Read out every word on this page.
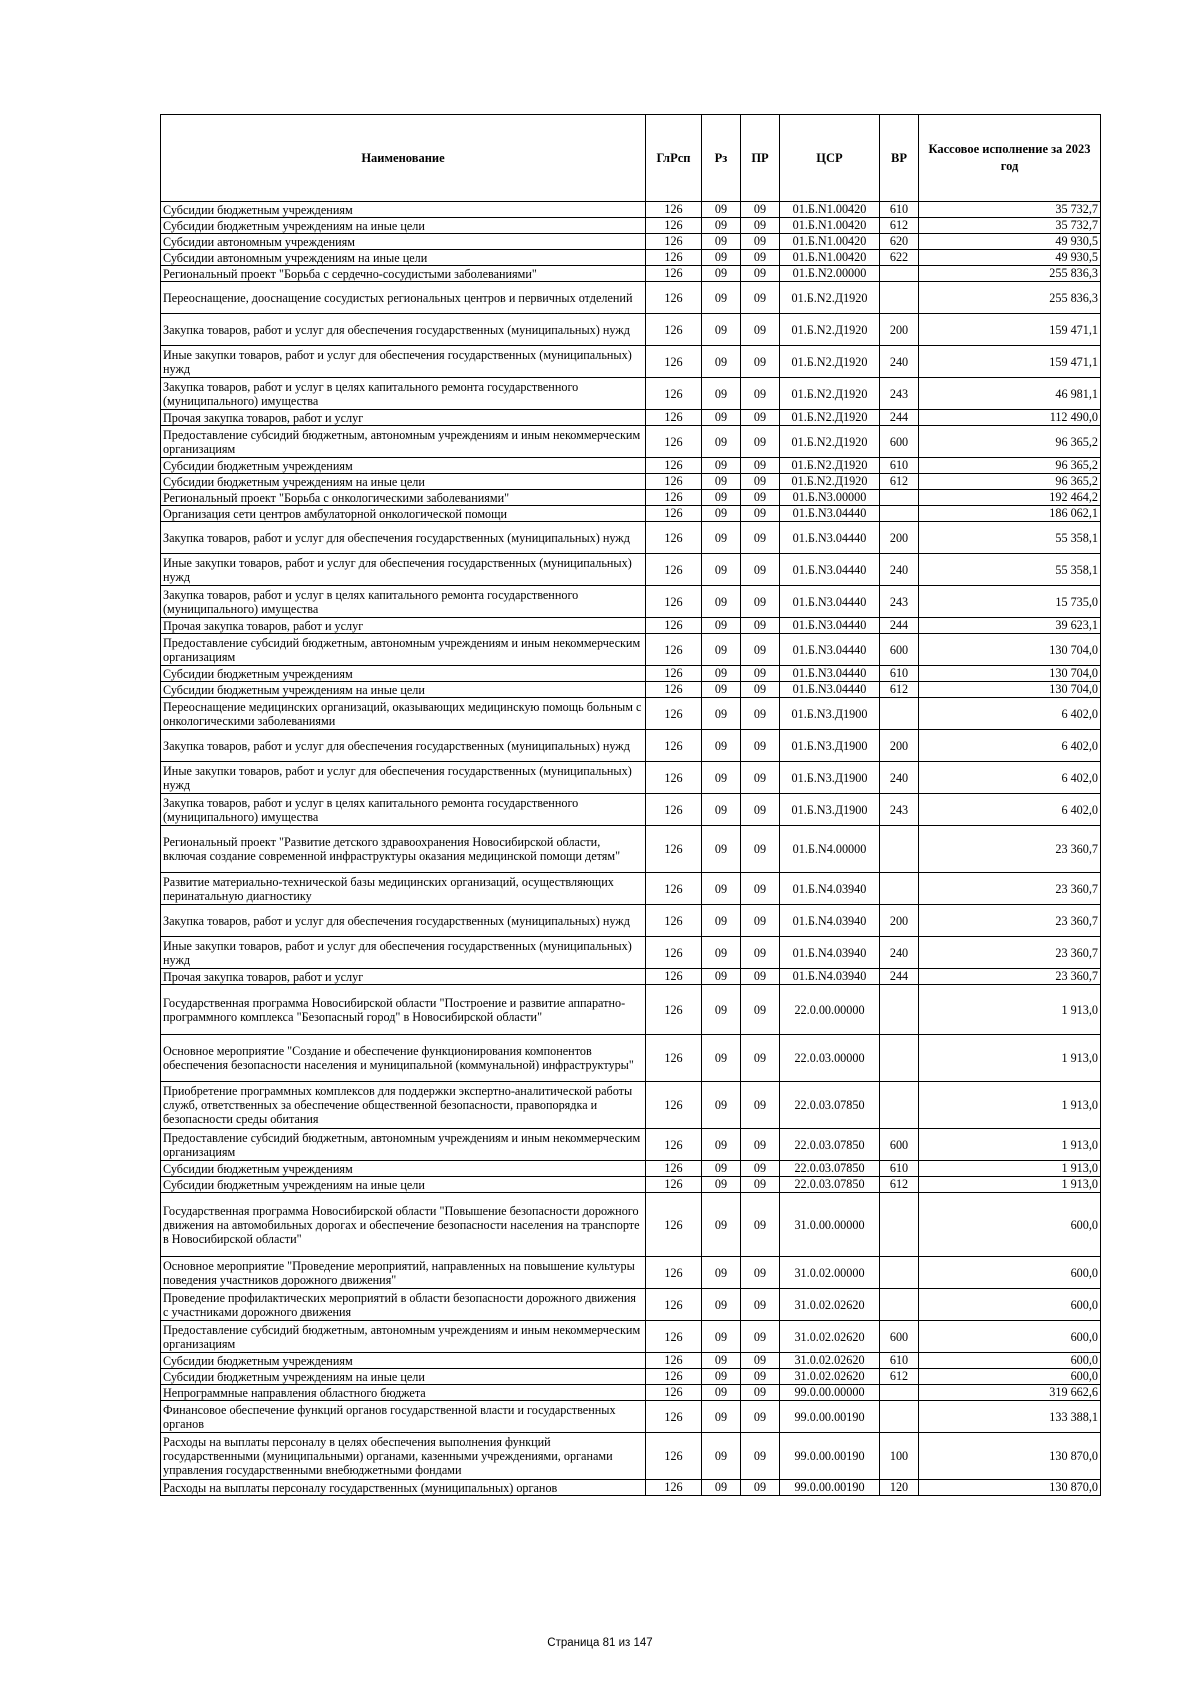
Наименование	ГлРсп	Рз	ПР	ЦСР	ВР	Кассовое исполнение за 2023 год
Субсидии бюджетным учреждениям	126	09	09	01.Б.N1.00420	610	35 732,7
Субсидии бюджетным учреждениям на иные цели	126	09	09	01.Б.N1.00420	612	35 732,7
Субсидии автономным учреждениям	126	09	09	01.Б.N1.00420	620	49 930,5
Субсидии автономным учреждениям на иные цели	126	09	09	01.Б.N1.00420	622	49 930,5
Региональный проект "Борьба с сердечно-сосудистыми заболеваниями"	126	09	09	01.Б.N2.00000		255 836,3
Переоснащение, дооснащение сосудистых региональных центров и первичных отделений	126	09	09	01.Б.N2.Д1920		255 836,3
Закупка товаров, работ и услуг для обеспечения государственных (муниципальных) нужд	126	09	09	01.Б.N2.Д1920	200	159 471,1
Иные закупки товаров, работ и услуг для обеспечения государственных (муниципальных) нужд	126	09	09	01.Б.N2.Д1920	240	159 471,1
Закупка товаров, работ и услуг в целях капитального ремонта государственного (муниципального) имущества	126	09	09	01.Б.N2.Д1920	243	46 981,1
Прочая закупка товаров, работ и услуг	126	09	09	01.Б.N2.Д1920	244	112 490,0
Предоставление субсидий бюджетным, автономным учреждениям и иным некоммерческим организациям	126	09	09	01.Б.N2.Д1920	600	96 365,2
Субсидии бюджетным учреждениям	126	09	09	01.Б.N2.Д1920	610	96 365,2
Субсидии бюджетным учреждениям на иные цели	126	09	09	01.Б.N2.Д1920	612	96 365,2
Региональный проект "Борьба с онкологическими заболеваниями"	126	09	09	01.Б.N3.00000		192 464,2
Организация сети центров амбулаторной онкологической помощи	126	09	09	01.Б.N3.04440		186 062,1
Закупка товаров, работ и услуг для обеспечения государственных (муниципальных) нужд	126	09	09	01.Б.N3.04440	200	55 358,1
Иные закупки товаров, работ и услуг для обеспечения государственных (муниципальных) нужд	126	09	09	01.Б.N3.04440	240	55 358,1
Закупка товаров, работ и услуг в целях капитального ремонта государственного (муниципального) имущества	126	09	09	01.Б.N3.04440	243	15 735,0
Прочая закупка товаров, работ и услуг	126	09	09	01.Б.N3.04440	244	39 623,1
Предоставление субсидий бюджетным, автономным учреждениям и иным некоммерческим организациям	126	09	09	01.Б.N3.04440	600	130 704,0
Субсидии бюджетным учреждениям	126	09	09	01.Б.N3.04440	610	130 704,0
Субсидии бюджетным учреждениям на иные цели	126	09	09	01.Б.N3.04440	612	130 704,0
Переоснащение медицинских организаций, оказывающих медицинскую помощь больным с онкологическими заболеваниями	126	09	09	01.Б.N3.Д1900		6 402,0
Закупка товаров, работ и услуг для обеспечения государственных (муниципальных) нужд	126	09	09	01.Б.N3.Д1900	200	6 402,0
Иные закупки товаров, работ и услуг для обеспечения государственных (муниципальных) нужд	126	09	09	01.Б.N3.Д1900	240	6 402,0
Закупка товаров, работ и услуг в целях капитального ремонта государственного (муниципального) имущества	126	09	09	01.Б.N3.Д1900	243	6 402,0
Региональный проект "Развитие детского здравоохранения Новосибирской области, включая создание современной инфраструктуры оказания медицинской помощи детям"	126	09	09	01.Б.N4.00000		23 360,7
Развитие материально-технической базы медицинских организаций, осуществляющих перинатальную диагностику	126	09	09	01.Б.N4.03940		23 360,7
Закупка товаров, работ и услуг для обеспечения государственных (муниципальных) нужд	126	09	09	01.Б.N4.03940	200	23 360,7
Иные закупки товаров, работ и услуг для обеспечения государственных (муниципальных) нужд	126	09	09	01.Б.N4.03940	240	23 360,7
Прочая закупка товаров, работ и услуг	126	09	09	01.Б.N4.03940	244	23 360,7
Государственная программа Новосибирской области "Построение и развитие аппаратно-программного комплекса "Безопасный город" в Новосибирской области"	126	09	09	22.0.00.00000		1 913,0
Основное мероприятие "Создание и обеспечение функционирования компонентов обеспечения безопасности населения и муниципальной (коммунальной) инфраструктуры"	126	09	09	22.0.03.00000		1 913,0
Приобретение программных комплексов для поддержки экспертно-аналитической работы служб, ответственных за обеспечение общественной безопасности, правопорядка и безопасности среды обитания	126	09	09	22.0.03.07850		1 913,0
Предоставление субсидий бюджетным, автономным учреждениям и иным некоммерческим организациям	126	09	09	22.0.03.07850	600	1 913,0
Субсидии бюджетным учреждениям	126	09	09	22.0.03.07850	610	1 913,0
Субсидии бюджетным учреждениям на иные цели	126	09	09	22.0.03.07850	612	1 913,0
Государственная программа Новосибирской области "Повышение безопасности дорожного движения на автомобильных дорогах и обеспечение безопасности населения на транспорте в Новосибирской области"	126	09	09	31.0.00.00000		600,0
Основное мероприятие "Проведение мероприятий, направленных на повышение культуры поведения участников дорожного движения"	126	09	09	31.0.02.00000		600,0
Проведение профилактических мероприятий в области безопасности дорожного движения с участниками дорожного движения	126	09	09	31.0.02.02620		600,0
Предоставление субсидий бюджетным, автономным учреждениям и иным некоммерческим организациям	126	09	09	31.0.02.02620	600	600,0
Субсидии бюджетным учреждениям	126	09	09	31.0.02.02620	610	600,0
Субсидии бюджетным учреждениям на иные цели	126	09	09	31.0.02.02620	612	600,0
Непрограммные направления областного бюджета	126	09	09	99.0.00.00000		319 662,6
Финансовое обеспечение функций органов государственной власти и государственных органов	126	09	09	99.0.00.00190		133 388,1
Расходы на выплаты персоналу в целях обеспечения выполнения функций государственными (муниципальными) органами, казенными учреждениями, органами управления государственными внебюджетными фондами	126	09	09	99.0.00.00190	100	130 870,0
Расходы на выплаты персоналу государственных (муниципальных) органов	126	09	09	99.0.00.00190	120	130 870,0
Страница 81 из 147
